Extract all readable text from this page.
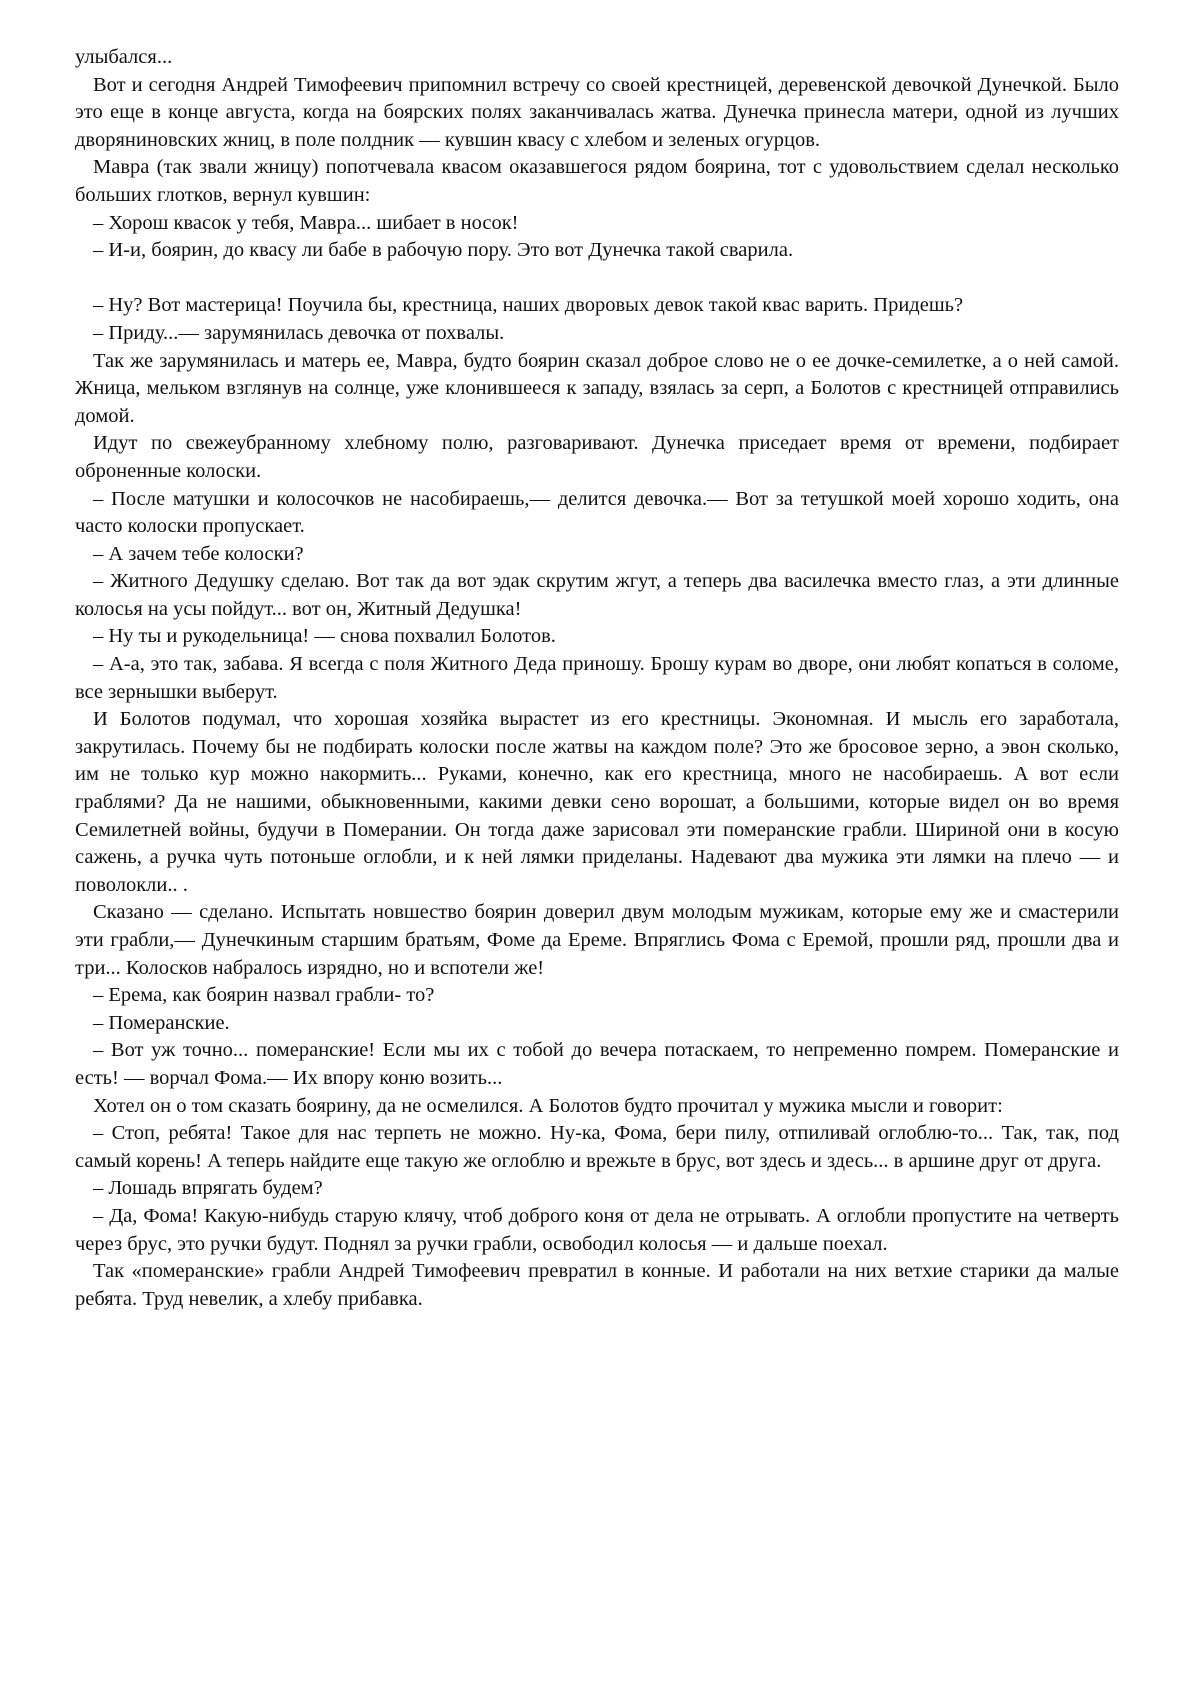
улыбался...

Вот и сегодня Андрей Тимофеевич припомнил встречу со своей крестницей, деревенской девочкой Дунечкой. Было это еще в конце августа, когда на боярских полях заканчивалась жатва. Дунечка принесла матери, одной из лучших дворяниновских жниц, в поле полдник — кувшин квасу с хлебом и зеленых огурцов.

Мавра (так звали жницу) попотчевала квасом оказавшегося рядом боярина, тот с удовольствием сделал несколько больших глотков, вернул кувшин:

– Хорош квасок у тебя, Мавра... шибает в носок!

– И-и, боярин, до квасу ли бабе в рабочую пору. Это вот Дунечка такой сварила.

– Ну? Вот мастерица! Поучила бы, крестница, наших дворовых девок такой квас варить. Придешь?

– Приду...— зарумянилась девочка от похвалы.

Так же зарумянилась и матерь ее, Мавра, будто боярин сказал доброе слово не о ее дочке-семилетке, а о ней самой. Жница, мельком взглянув на солнце, уже клонившееся к западу, взялась за серп, а Болотов с крестницей отправились домой.

Идут по свежеубранному хлебному полю, разговаривают. Дунечка приседает время от времени, подбирает оброненные колоски.

– После матушки и колосочков не насобираешь,— делится девочка.— Вот за тетушкой моей хорошо ходить, она часто колоски пропускает.

– А зачем тебе колоски?

– Житного Дедушку сделаю. Вот так да вот эдак скрутим жгут, а теперь два василечка вместо глаз, а эти длинные колосья на усы пойдут... вот он, Житный Дедушка!

– Ну ты и рукодельница! — снова похвалил Болотов.

– А-а, это так, забава. Я всегда с поля Житного Деда приношу. Брошу курам во дворе, они любят копаться в соломе, все зернышки выберут.

И Болотов подумал, что хорошая хозяйка вырастет из его крестницы. Экономная. И мысль его заработала, закрутилась. Почему бы не подбирать колоски после жатвы на каждом поле? Это же бросовое зерно, а эвон сколько, им не только кур можно накормить... Руками, конечно, как его крестница, много не насобираешь. А вот если граблями? Да не нашими, обыкновенными, какими девки сено ворошат, а большими, которые видел он во время Семилетней войны, будучи в Померании. Он тогда даже зарисовал эти померанские грабли. Шириной они в косую сажень, а ручка чуть потоньше оглобли, и к ней лямки приделаны. Надевают два мужика эти лямки на плечо — и поволокли.. .

Сказано — сделано. Испытать новшество боярин доверил двум молодым мужикам, которые ему же и смастерили эти грабли,— Дунечкиным старшим братьям, Фоме да Ереме. Впряглись Фома с Еремой, прошли ряд, прошли два и три... Колосков набралось изрядно, но и вспотели же!

– Ерема, как боярин назвал грабли- то?

– Померанские.

– Вот уж точно... померанские! Если мы их с тобой до вечера потаскаем, то непременно помрем. Померанские и есть! — ворчал Фома.— Их впору коню возить...

Хотел он о том сказать боярину, да не осмелился. А Болотов будто прочитал у мужика мысли и говорит:

– Стоп, ребята! Такое для нас терпеть не можно. Ну-ка, Фома, бери пилу, отпиливай оглоблю-то... Так, так, под самый корень! А теперь найдите еще такую же оглоблю и врежьте в брус, вот здесь и здесь... в аршине друг от друга.

– Лошадь впрягать будем?

– Да, Фома! Какую-нибудь старую клячу, чтоб доброго коня от дела не отрывать. А оглобли пропустите на четверть через брус, это ручки будут. Поднял за ручки грабли, освободил колосья — и дальше поехал.

Так «померанские» грабли Андрей Тимофеевич превратил в конные. И работали на них ветхие старики да малые ребята. Труд невелик, а хлебу прибавка.
